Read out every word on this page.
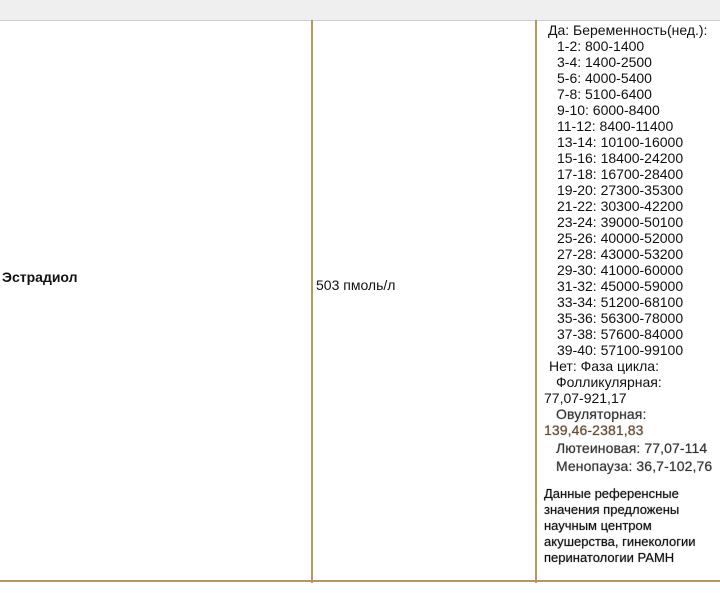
Эстрадиол	503 пмоль/л
Да: Беременность(нед.):
1-2: 800-1400
3-4: 1400-2500
5-6: 4000-5400
7-8: 5100-6400
9-10: 6000-8400
11-12: 8400-11400
13-14: 10100-16000
15-16: 18400-24200
17-18: 16700-28400
19-20: 27300-35300
21-22: 30300-42200
23-24: 39000-50100
25-26: 40000-52000
27-28: 43000-53200
29-30: 41000-60000
31-32: 45000-59000
33-34: 51200-68100
35-36: 56300-78000
37-38: 57600-84000
39-40: 57100-99100
Нет: Фаза цикла:
Фолликулярная:
77,07-921,17
Овуляторная:
139,46-2381,83
Лютеиновая: 77,07-114
Менопауза: 36,7-102,76
Данные референсные
значения предложены
научным центром
акушерства, гинекологии
перинатологии РАМН
